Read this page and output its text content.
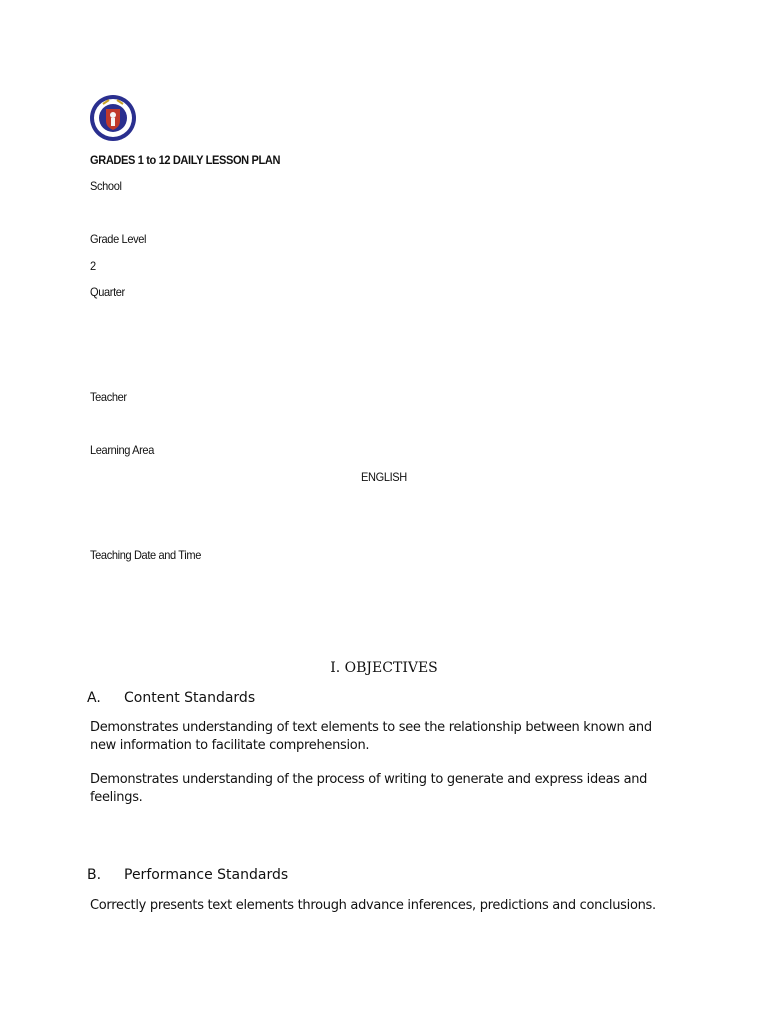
GRADES 1 to 12 DAILY LESSON PLAN
School
Grade Level
2
Quarter
Teacher
Learning Area
ENGLISH
Teaching Date and Time
I. OBJECTIVES
A. Content Standards
Demonstrates understanding of text elements to see the relationship between known and new information to facilitate comprehension.
Demonstrates understanding of the process of writing to generate and express ideas and feelings.
B. Performance Standards
Correctly presents text elements through advance inferences, predictions and conclusions.
